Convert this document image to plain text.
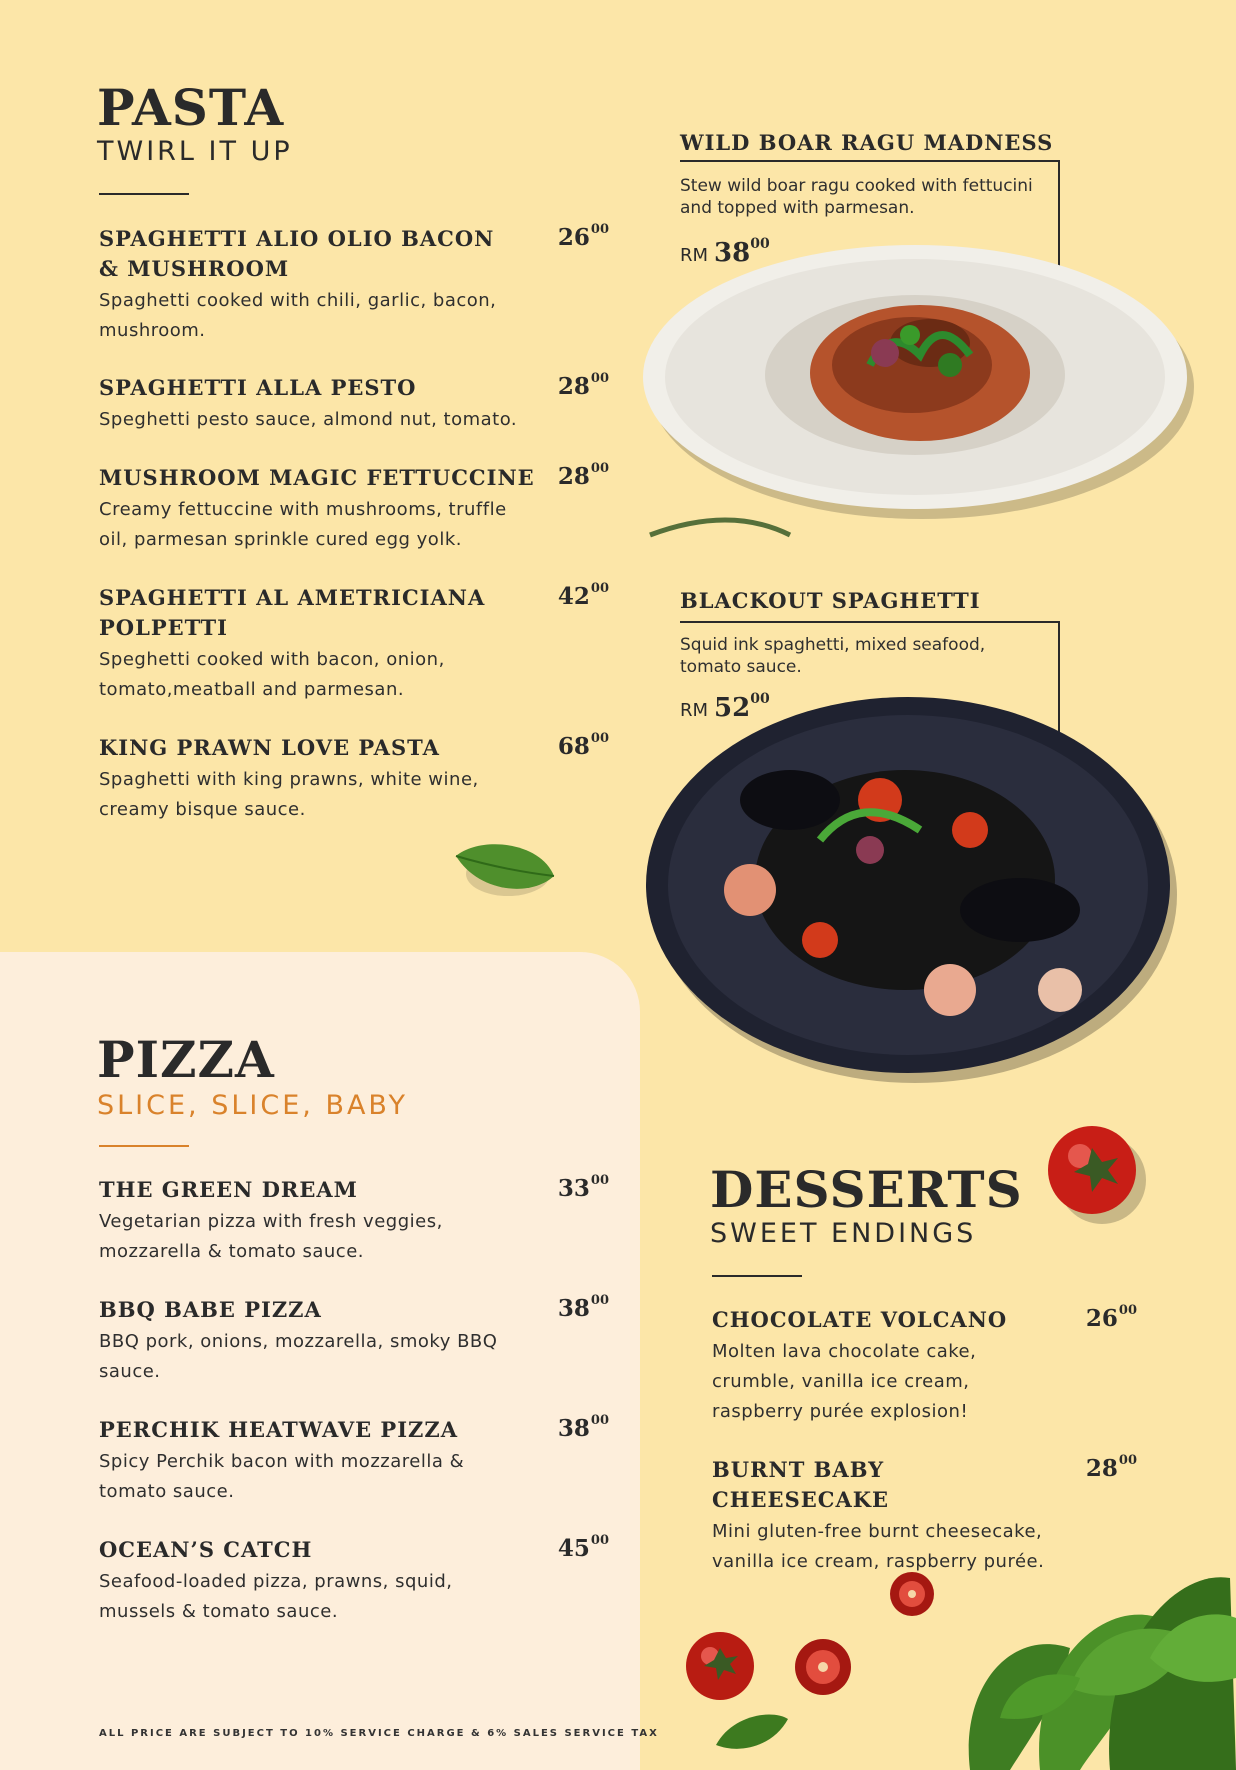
PASTA

TWIRL IT UP

SPAGHETTI ALIO OLIO BACON & MUSHROOM
Spaghetti cooked with chili, garlic, bacon, mushroom.
$26^{00}$
SPAGHETTI ALLA PESTO
Speghetti pesto sauce, almond nut, tomato.
$28^{00}$
MUSHROOM MAGIC FETTUCCINE
Creamy fettuccine with mushrooms, truffle oil, parmesan sprinkle cured egg yolk.
$28^{00}$
SPAGHETTI AL AMETRICIANA POLPETTI
Speghetti cooked with bacon, onion, tomato,meatball and parmesan.
$42^{00}$
KING PRAWN LOVE PASTA
Spaghetti with king prawns, white wine, creamy bisque sauce.
$68^{00}$
WILD BOAR RAGU MADNESS
Stew wild boar ragu cooked with fettucini and topped with parmesan.
RM $38^{00}$
BLACKOUT SPAGHETTI
Squid ink spaghetti, mixed seafood, tomato sauce.
RM $52^{00}$
PIZZA

SLICE, SLICE, BABY

THE GREEN DREAM
Vegetarian pizza with fresh veggies, mozzarella & tomato sauce.
$33^{00}$
BBQ BABE PIZZA
BBQ pork, onions, mozzarella, smoky BBQ sauce.
$38^{00}$
PERCHIK HEATWAVE PIZZA
Spicy Perchik bacon with mozzarella & tomato sauce.
$38^{00}$
OCEAN’S CATCH
Seafood-loaded pizza, prawns, squid, mussels & tomato sauce.
$45^{00}$
ALL PRICE ARE SUBJECT TO 10% SERVICE CHARGE & 6% SALES SERVICE TAX
DESSERTS

SWEET ENDINGS

CHOCOLATE VOLCANO
Molten lava chocolate cake, crumble, vanilla ice cream, raspberry purée explosion!
$26^{00}$
BURNT BABY CHEESECAKE
Mini gluten-free burnt cheesecake, vanilla ice cream, raspberry purée.
$28^{00}$
